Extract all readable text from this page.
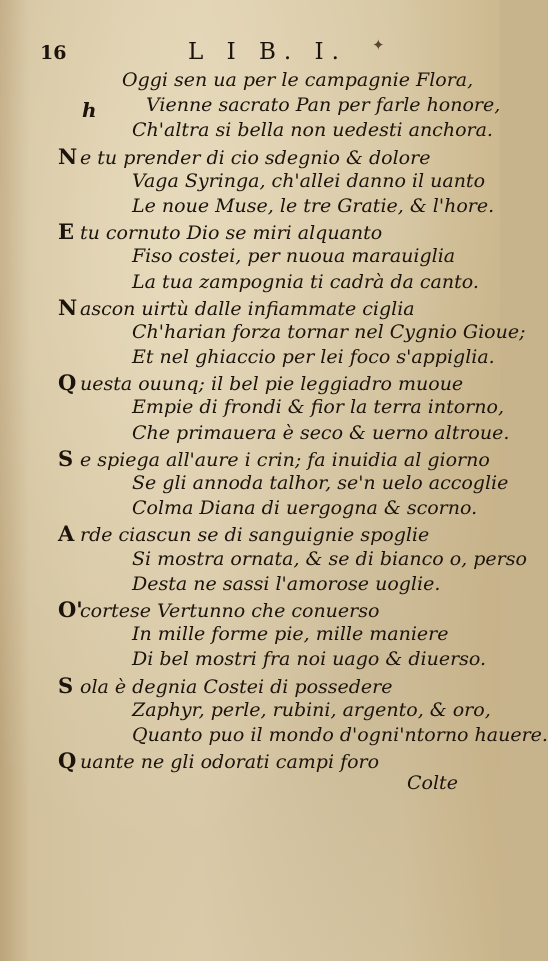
16	L I B. I. ✦
h
Oggi sen ua per le campagnie Flora,
Vienne sacrato Pan per farle honore,
Ch'altra si bella non uedesti anchora.
N e tu prender di cio sdegnio & dolore
Vaga Syringa, ch'allei danno il uanto
Le noue Muse, le tre Gratie, & l'hore.
E tu cornuto Dio se miri alquanto
Fiso costei, per nuoua marauiglia
La tua zampognia ti cadrà da canto.
N ascon uirtù dalle infiammate ciglia
Ch'harian forza tornar nel Cygnio Gioue;
Et nel ghiaccio per lei foco s'appiglia.
Q uesta ouunq; il bel pie leggiadro muoue
Empie di frondi & fior la terra intorno,
Che primauera è seco & uerno altroue.
S e spiega all'aure i crin; fa inuidia al giorno
Se gli annoda talhor, se'n uelo accoglie
Colma Diana di uergogna & scorno.
A rde ciascun se di sanguignie spoglie
Si mostra ornata, & se di bianco o, perso
Desta ne sassi l'amorose uoglie.
O'cortese Vertunno che conuerso
In mille forme pie, mille maniere
Di bel mostri fra noi uago & diuerso.
S ola è degnia Costei di possedere
Zaphyr, perle, rubini, argento, & oro,
Quanto puo il mondo d'ogni'ntorno hauere.
Q uante ne gli odorati campi foro
Colte
